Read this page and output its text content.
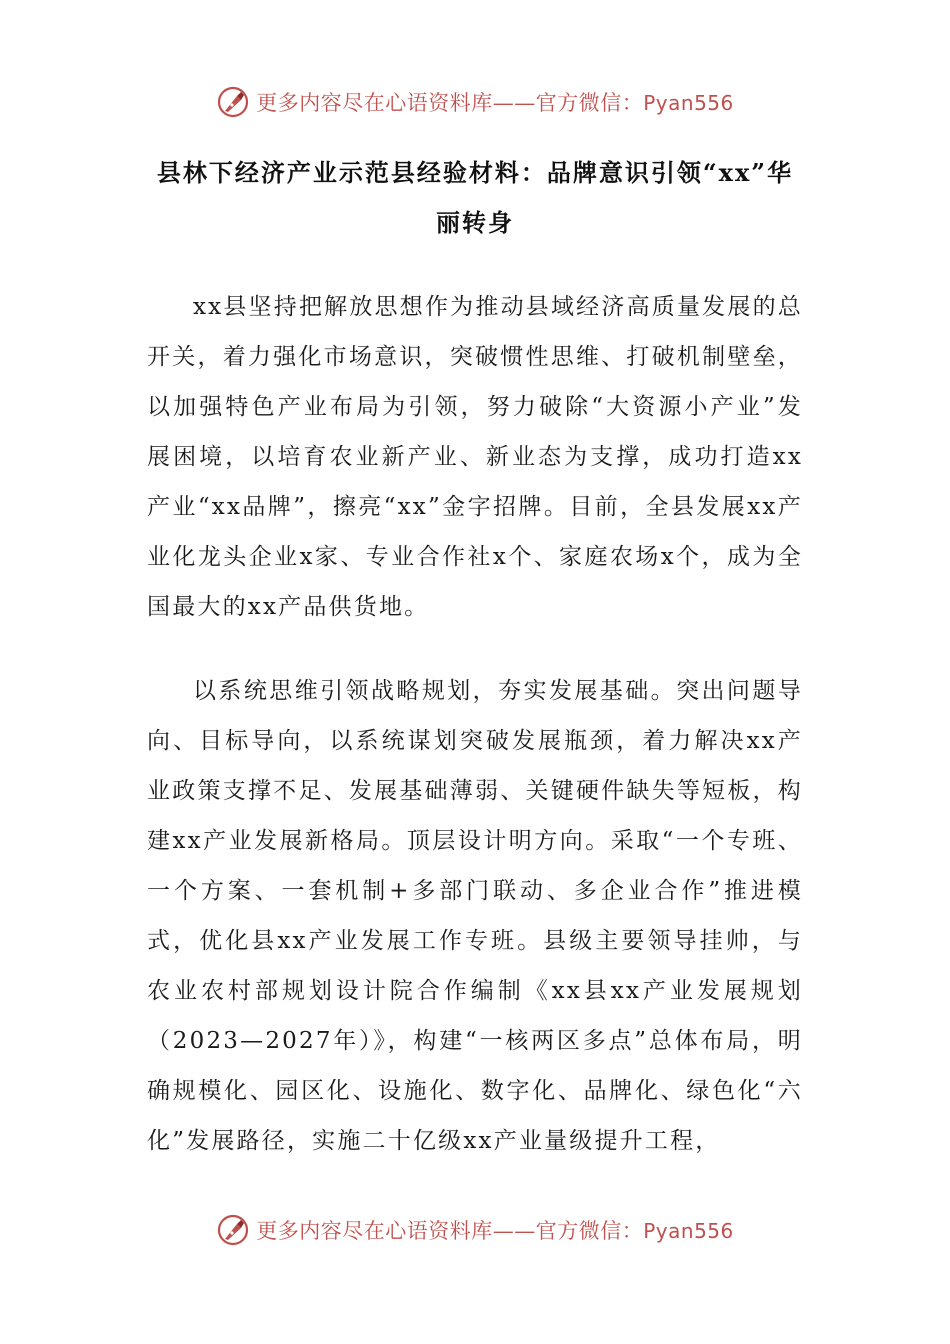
更多内容尽在心语资料库——官方微信：Pyan556
县林下经济产业示范县经验材料：品牌意识引领“xx”华丽转身

xx县坚持把解放思想作为推动县域经济高质量发展的总开关，着力强化市场意识，突破惯性思维、打破机制壁垒，以加强特色产业布局为引领，努力破除“大资源小产业”发展困境，以培育农业新产业、新业态为支撑，成功打造xx产业“xx品牌”，擦亮“xx”金字招牌。目前，全县发展xx产业化龙头企业x家、专业合作社x个、家庭农场x个，成为全国最大的xx产品供货地。

以系统思维引领战略规划，夯实发展基础。突出问题导向、目标导向，以系统谋划突破发展瓶颈，着力解决xx产业政策支撑不足、发展基础薄弱、关键硬件缺失等短板，构建xx产业发展新格局。顶层设计明方向。采取“一个专班、一个方案、一套机制+多部门联动、多企业合作”推进模式，优化县xx产业发展工作专班。县级主要领导挂帅，与农业农村部规划设计院合作编制《xx县xx产业发展规划（2023—2027年）》，构建“一核两区多点”总体布局，明确规模化、园区化、设施化、数字化、品牌化、绿色化“六化”发展路径，实施二十亿级xx产业量级提升工程，

更多内容尽在心语资料库——官方微信：Pyan556
